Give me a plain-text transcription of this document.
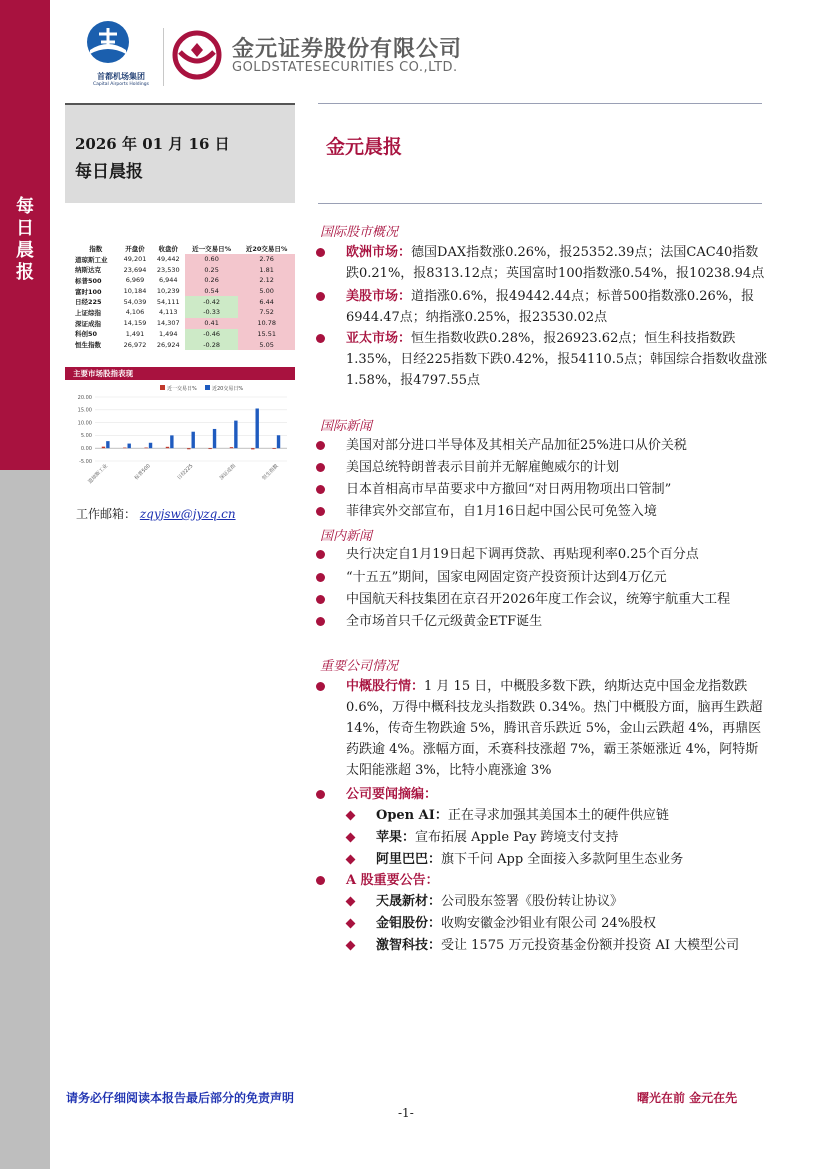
每日晨报
首都机场集团
Capital Airports Holdings
金元证券股份有限公司
GOLDSTATESECURITIES CO.,LTD.
2026 年 01 月 16 日
每日晨报
金元晨报
指数	开盘价	收盘价	近一交易日%	近20交易日%
道琼斯工业	49,201	49,442	0.60	2.76
纳斯达克	23,694	23,530	0.25	1.81
标普500	6,969	6,944	0.26	2.12
富时100	10,184	10,239	0.54	5.00
日经225	54,039	54,111	-0.42	6.44
上证综指	4,106	4,113	-0.33	7.52
深证成指	14,159	14,307	0.41	10.78
科创50	1,491	1,494	-0.46	15.51
恒生指数	26,972	26,924	-0.28	5.05
主要市场股指表现
近一交易日%	近20交易日%
20.00
15.00
10.00
5.00
0.00
-5.00
道琼斯工业	标普500	日经225	深证成指	恒生指数
工作邮箱： zqyjsw@jyzq.cn
国际股市概况
欧洲市场：德国DAX指数涨0.26%，报25352.39点；法国CAC40指数跌0.21%，报8313.12点；英国富时100指数涨0.54%，报10238.94点
美股市场：道指涨0.6%，报49442.44点；标普500指数涨0.26%，报6944.47点；纳指涨0.25%，报23530.02点
亚太市场：恒生指数收跌0.28%，报26923.62点；恒生科技指数跌1.35%，日经225指数下跌0.42%，报54110.5点；韩国综合指数收盘涨1.58%，报4797.55点
国际新闻
美国对部分进口半导体及其相关产品加征25%进口从价关税
美国总统特朗普表示目前并无解雇鲍威尔的计划
日本首相高市早苗要求中方撤回“对日两用物项出口管制”
菲律宾外交部宣布，自1月16日起中国公民可免签入境
国内新闻
央行决定自1月19日起下调再贷款、再贴现利率0.25个百分点
“十五五”期间，国家电网固定资产投资预计达到4万亿元
中国航天科技集团在京召开2026年度工作会议，统筹宇航重大工程
全市场首只千亿元级黄金ETF诞生
重要公司情况
中概股行情：1 月 15 日，中概股多数下跌，纳斯达克中国金龙指数跌 0.6%，万得中概科技龙头指数跌 0.34%。热门中概股方面，脑再生跌超 14%，传奇生物跌逾 5%，腾讯音乐跌近 5%，金山云跌超 4%，再鼎医药跌逾 4%。涨幅方面，禾赛科技涨超 7%，霸王茶姬涨近 4%，阿特斯太阳能涨超 3%，比特小鹿涨逾 3%
公司要闻摘编：
Open AI：正在寻求加强其美国本土的硬件供应链
苹果：宣布拓展 Apple Pay 跨境支付支持
阿里巴巴：旗下千问 App 全面接入多款阿里生态业务
A 股重要公告：
天晟新材：公司股东签署《股份转让协议》
金钼股份：收购安徽金沙钼业有限公司 24%股权
激智科技：受让 1575 万元投资基金份额并投资 AI 大模型公司
请务必仔细阅读本报告最后部分的免责声明	曙光在前 金元在先
-1-
